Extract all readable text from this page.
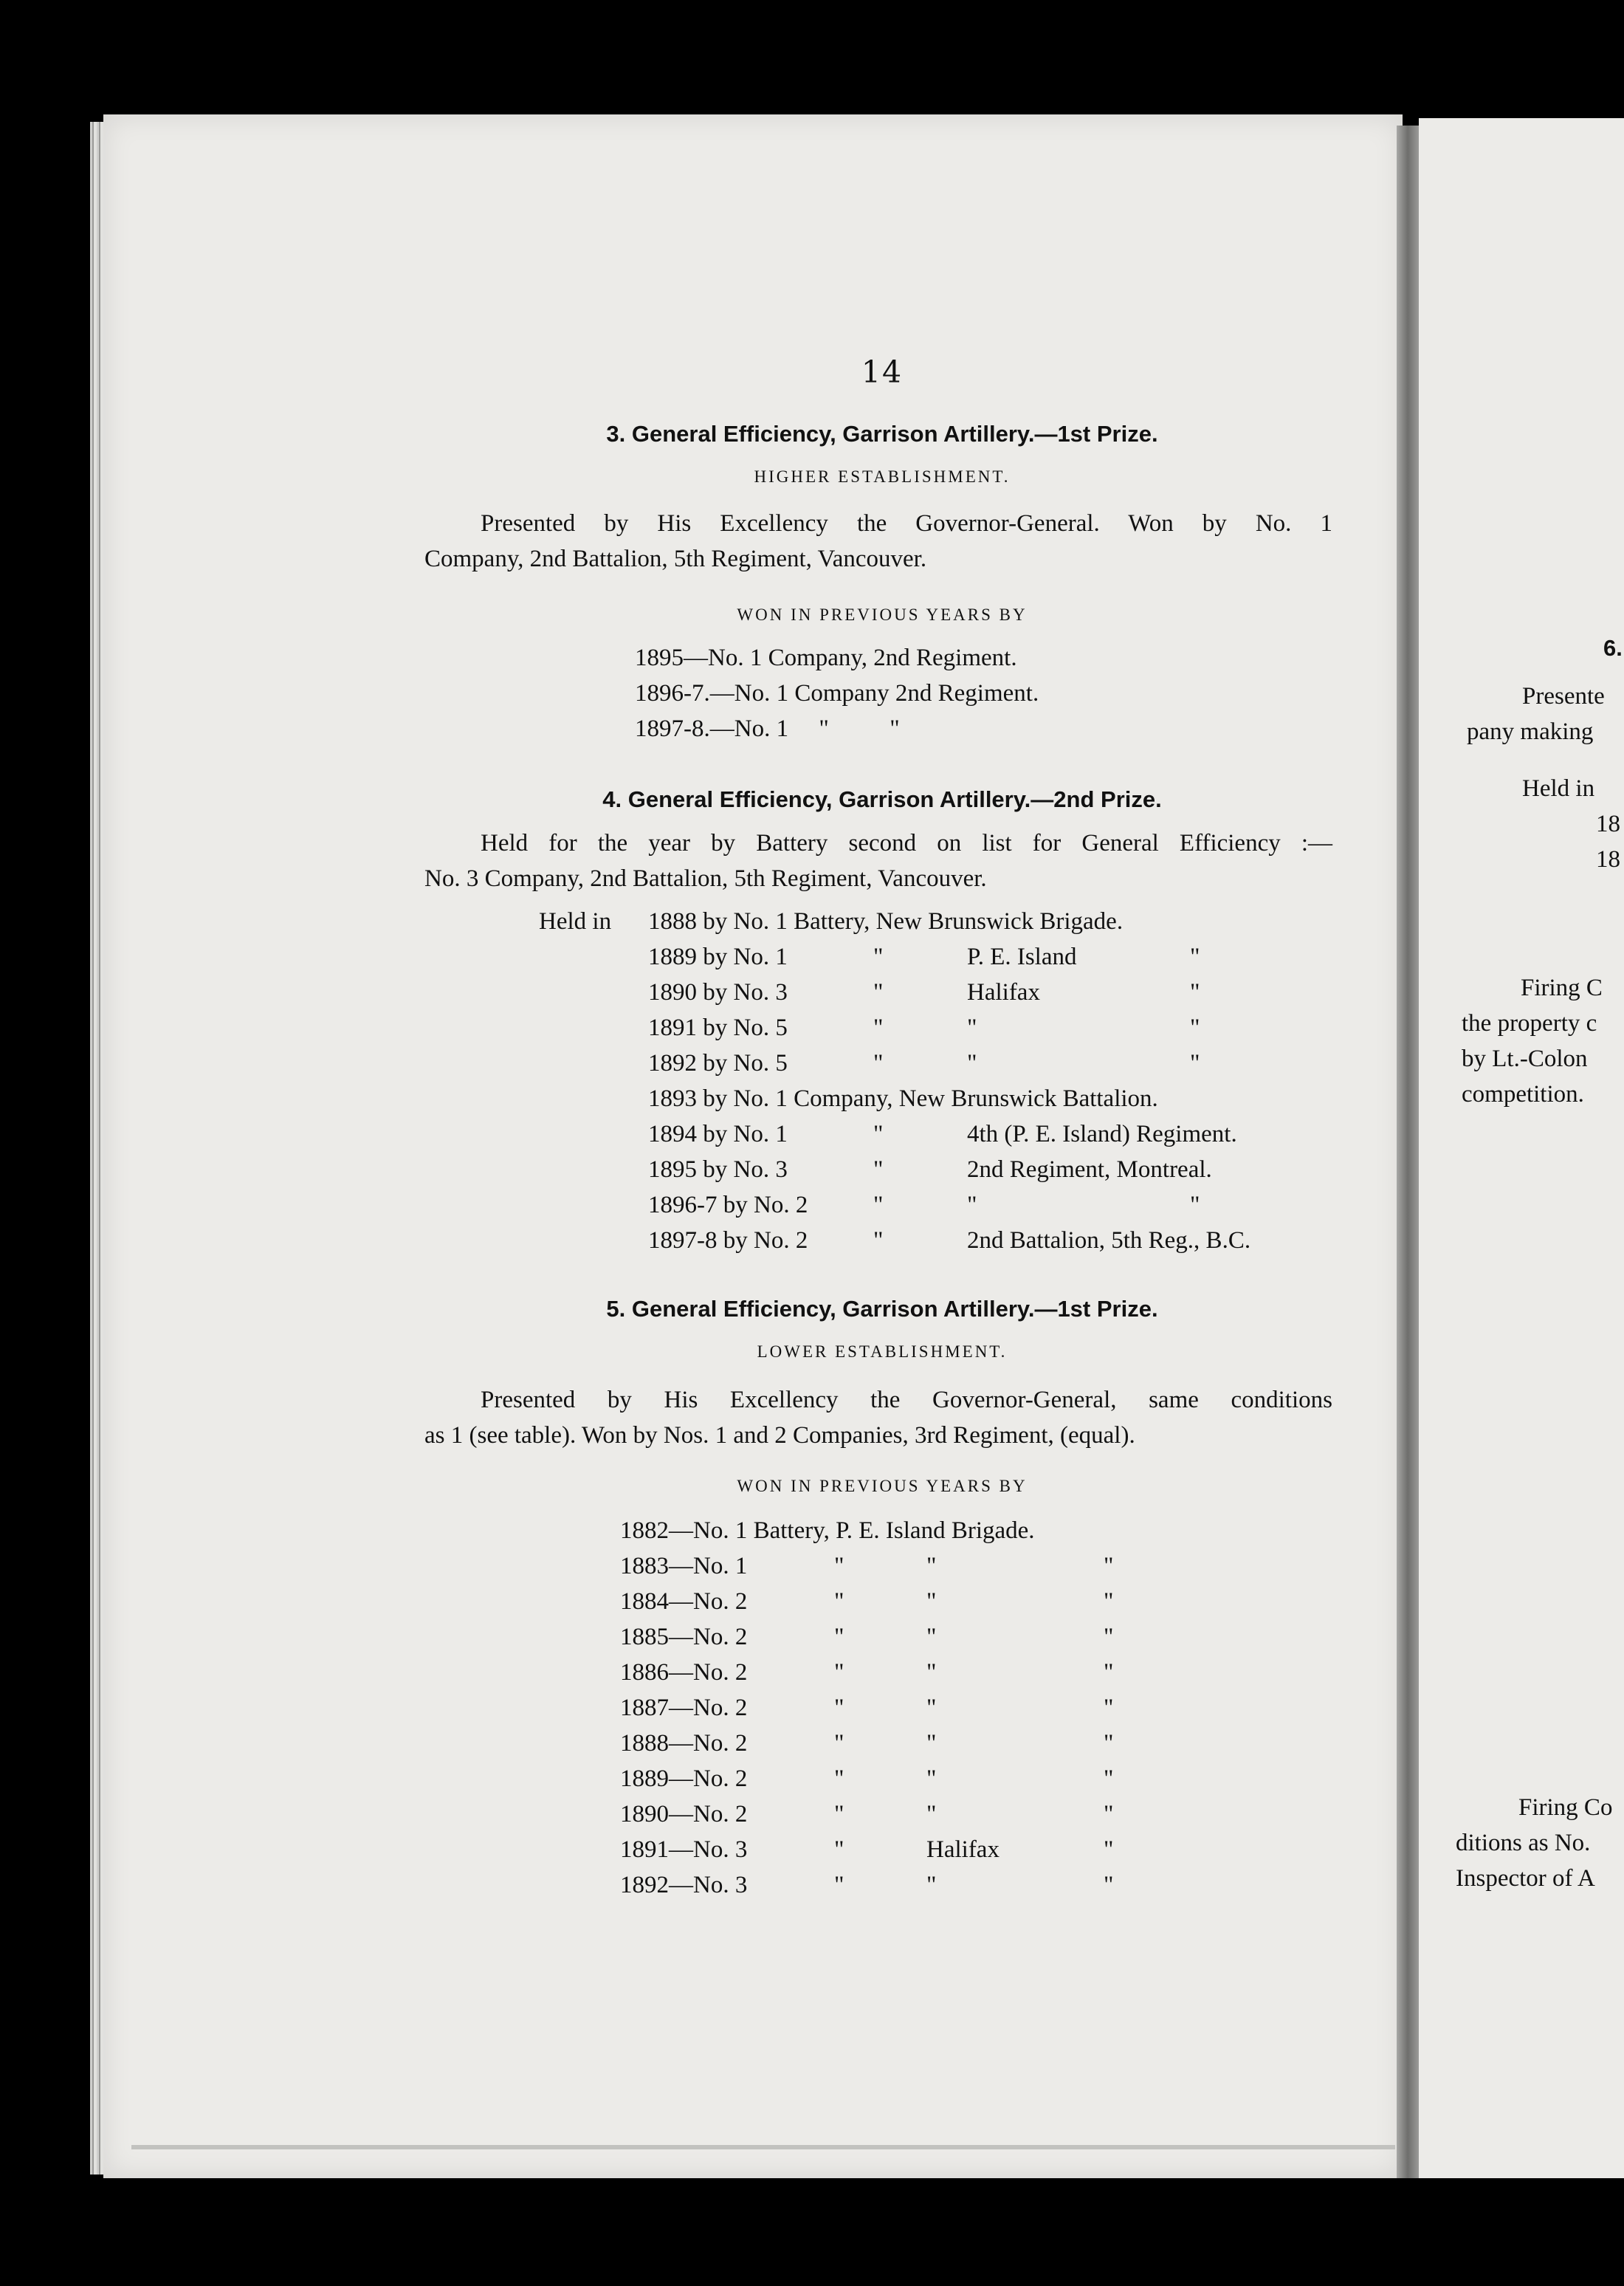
14
3. General Efficiency, Garrison Artillery.—1st Prize.
HIGHER ESTABLISHMENT.
Presented by His Excellency the Governor-General. Won by No. 1
Company, 2nd Battalion, 5th Regiment, Vancouver.
WON IN PREVIOUS YEARS BY
1895—No. 1 Company, 2nd Regiment.
1896-7.—No. 1 Company 2nd Regiment.
1897-8.—No. 1     "          "
4. General Efficiency, Garrison Artillery.—2nd Prize.
Held for the year by Battery second on list for General Efficiency :—
No. 3 Company, 2nd Battalion, 5th Regiment, Vancouver.
Held in 1888 by No. 1 Battery, New Brunswick Brigade.
1889 by No. 1	"	P. E. Island	"
1890 by No. 3	"	Halifax	"
1891 by No. 5	"	"	"
1892 by No. 5	"	"	"
1893 by No. 1 Company, New Brunswick Battalion.
1894 by No. 1	"	4th (P. E. Island) Regiment.
1895 by No. 3	"	2nd Regiment, Montreal.
1896-7 by No. 2	"	"	"
1897-8 by No. 2	"	2nd Battalion, 5th Reg., B.C.
5. General Efficiency, Garrison Artillery.—1st Prize.
LOWER ESTABLISHMENT.
Presented by His Excellency the Governor-General, same conditions
as 1 (see table). Won by Nos. 1 and 2 Companies, 3rd Regiment, (equal).
WON IN PREVIOUS YEARS BY
1882—No. 1 Battery, P. E. Island Brigade.
1883—No. 1	"	"	"
1884—No. 2	"	"	"
1885—No. 2	"	"	"
1886—No. 2	"	"	"
1887—No. 2	"	"	"
1888—No. 2	"	"	"
1889—No. 2	"	"	"
1890—No. 2	"	"	"
1891—No. 3	"	Halifax	"
1892—No. 3	"	"	"
6.
Presente
pany making
Held in
18
18
Firing C
the property c
by Lt.-Colon
competition.
Firing Co
ditions as No.
Inspector of A
